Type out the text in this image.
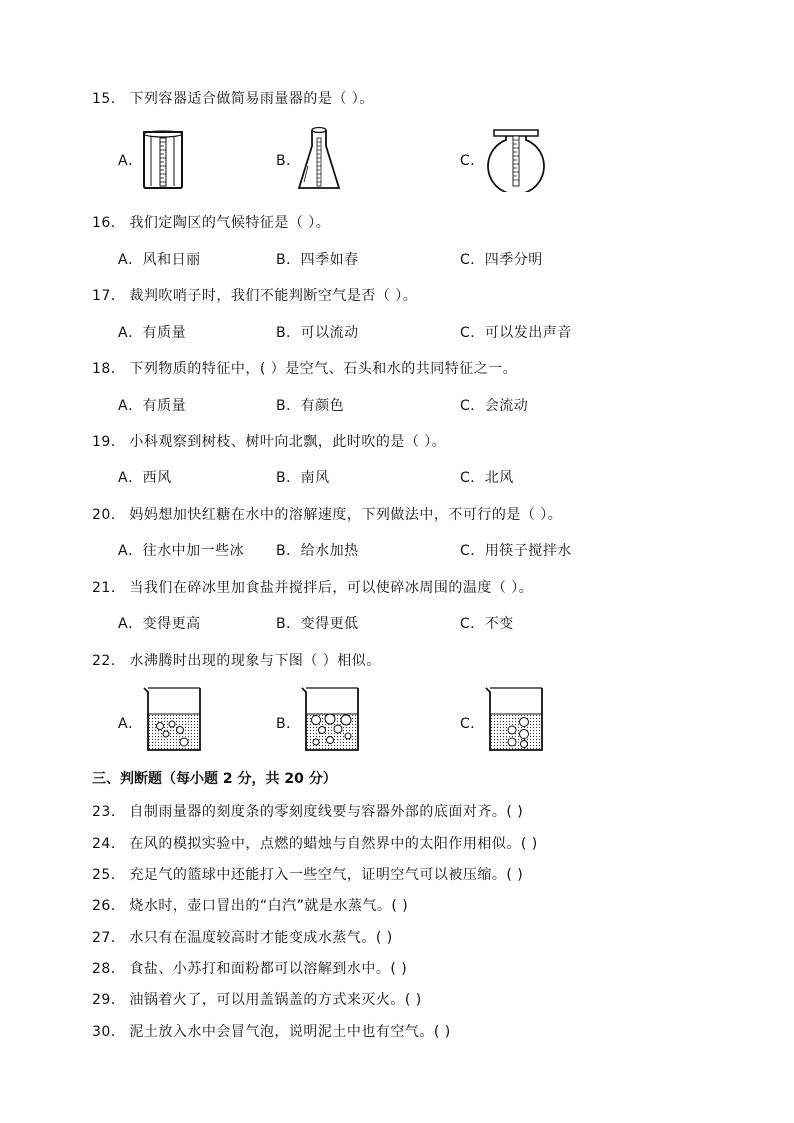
15． 下列容器适合做简易雨量器的是（ ）。
A．	B．	C．
16． 我们定陶区的气候特征是（ ）。
A．风和日丽	B．四季如春	C．四季分明
17． 裁判吹哨子时，我们不能判断空气是否（ ）。
A．有质量	B．可以流动	C．可以发出声音
18． 下列物质的特征中，( ）是空气、石头和水的共同特征之一。
A．有质量	B．有颜色	C．会流动
19． 小科观察到树枝、树叶向北飘，此时吹的是（ ）。
A．西风	B．南风	C．北风
20． 妈妈想加快红糖在水中的溶解速度，下列做法中，不可行的是（ ）。
A．往水中加一些冰 B．给水加热	C．用筷子搅拌水
21． 当我们在碎冰里加食盐并搅拌后，可以使碎冰周围的温度（ ）。
A．变得更高	B．变得更低	C．不变
22． 水沸腾时出现的现象与下图（ ）相似。
A．	B．	C．
三、判断题（每小题 2 分，共 20 分）
23． 自制雨量器的刻度条的零刻度线要与容器外部的底面对齐。( )
24． 在风的模拟实验中，点燃的蜡烛与自然界中的太阳作用相似。( )
25． 充足气的篮球中还能打入一些空气，证明空气可以被压缩。( )
26． 烧水时，壶口冒出的“白汽”就是水蒸气。( )
27． 水只有在温度较高时才能变成水蒸气。( )
28． 食盐、小苏打和面粉都可以溶解到水中。( )
29． 油锅着火了，可以用盖锅盖的方式来灭火。( )
30． 泥土放入水中会冒气泡，说明泥土中也有空气。( )
